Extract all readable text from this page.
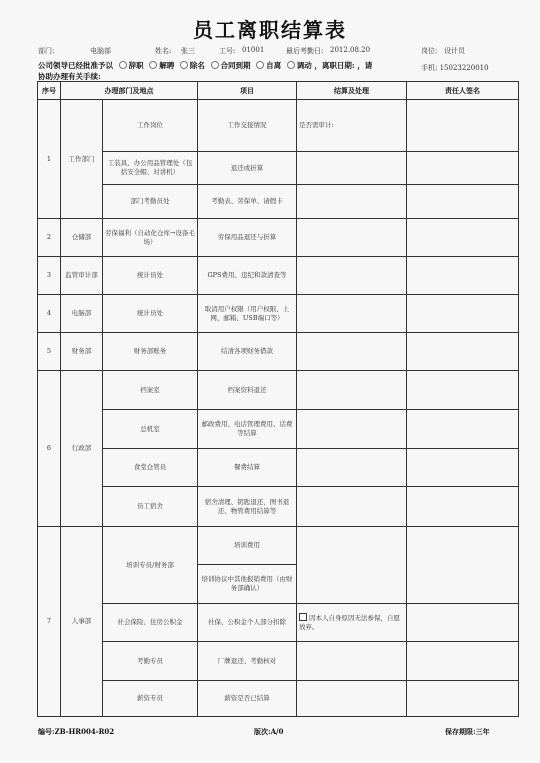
员工离职结算表
部门:	电脑部	姓名: 张三	工号: 01001	最后考勤日: 2012.08.20	岗位: 设计员
公司领导已经批准予以 辞职 解聘 除名 合同到期 自离 调动 ，离职日期: ，请
协助办理有关手续:
手机: 15023220010
序号	办理部门及地点		项目	结算及处理	责任人签名
1	工作部门	工作岗位	工作交接情况	是否需审计:	
		工装具、办公用品管理处（包括安全帽、对讲机）	退还或折算		
		部门考勤员处	考勤表、劳保单、请假卡		
2	仓储部	劳保福利（自动化仓库→设备毛场）	劳保用品退还与折算		
3	监管审计部	统计员处	GPS费用、违纪和款清查等		
4	电脑部	统计员处	取消用户权限（用户权限、上网、邮箱、USB端口等）		
5	财务部	财务部账务	结清各项财务借款		
6	行政部	档案室	档案资料退还		
		总机室	邮政费用、电话管理费用、话费等结算		
		食堂仓管员	餐费结算		
		员工宿舍	宿舍清理、钥匙退还、图书退还、物管费用结算等		
7	人事部	培训专员/财务部	培训费用		
			培训协议中其他报销费用（由财务部确认）		
		社会保险、住房公积金	社保、公积金个人部分扣除	因本人自身原因无法参保，自愿放弃。	
		考勤专员	厂牌退还、考勤核对		
		薪资专员	薪资是否已结算		
编号:ZB-HR004-R02	版次:A/0	保存期限:三年
